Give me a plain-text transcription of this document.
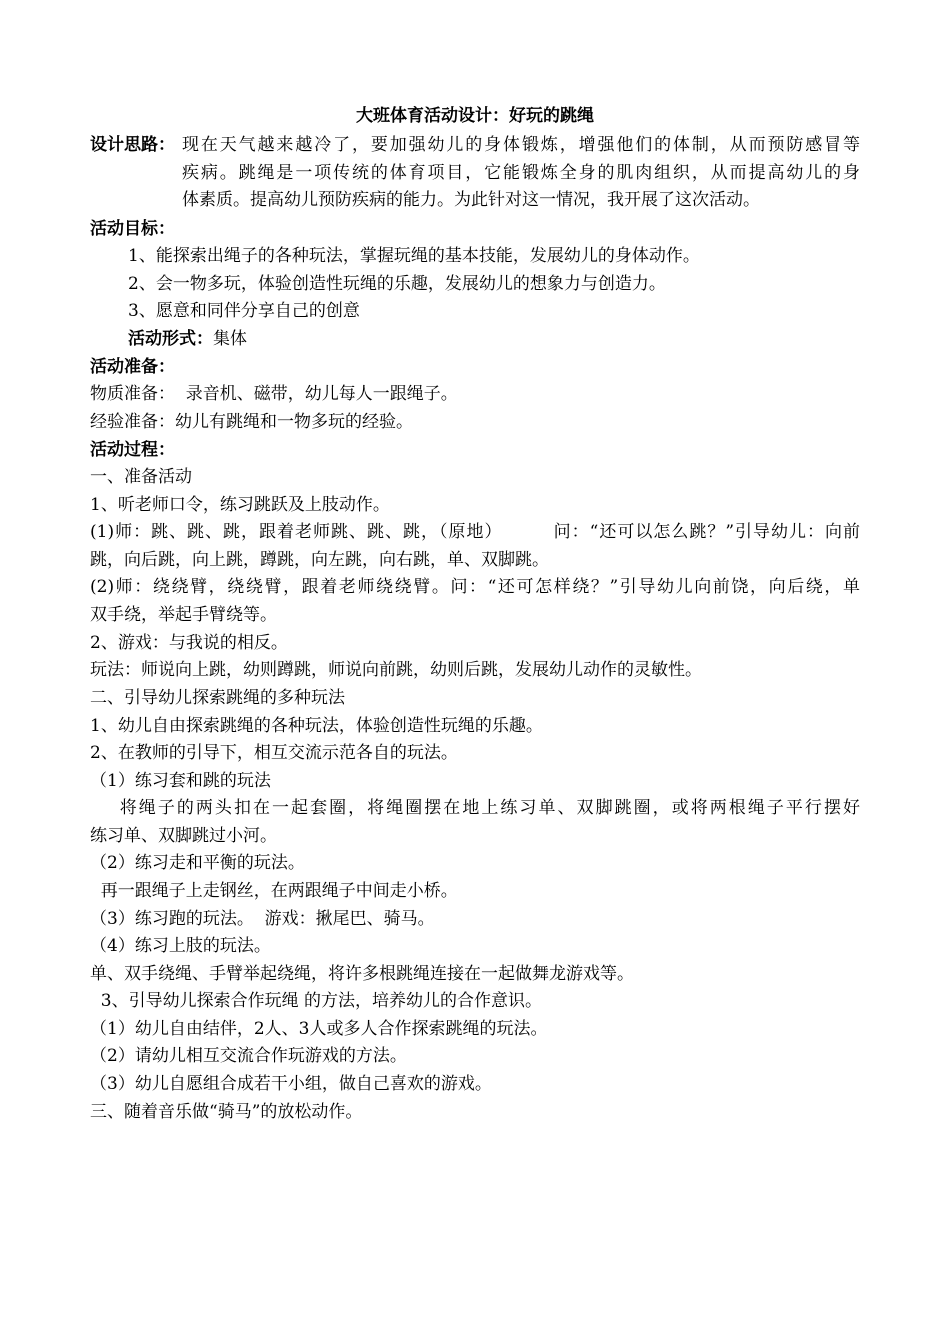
大班体育活动设计：好玩的跳绳
设计思路： 现在天气越来越冷了，要加强幼儿的身体锻炼，增强他们的体制，从而预防感冒等
疾病。跳绳是一项传统的体育项目，它能锻炼全身的肌肉组织，从而提高幼儿的身
体素质。提高幼儿预防疾病的能力。为此针对这一情况，我开展了这次活动。
活动目标：
1、能探索出绳子的各种玩法，掌握玩绳的基本技能，发展幼儿的身体动作。
2、会一物多玩，体验创造性玩绳的乐趣，发展幼儿的想象力与创造力。
3、愿意和同伴分享自己的创意
活动形式：集体
活动准备：
物质准备：  录音机、磁带，幼儿每人一跟绳子。
经验准备：幼儿有跳绳和一物多玩的经验。
活动过程：
一、准备活动
1、听老师口令，练习跳跃及上肢动作。
(1)师：跳、跳、跳，跟着老师跳、跳、跳，（原地）        问：“还可以怎么跳？”引导幼儿：向前
跳，向后跳，向上跳，蹲跳，向左跳，向右跳，单、双脚跳。
(2)师：绕绕臂，绕绕臂，跟着老师绕绕臂。问：“还可怎样绕？”引导幼儿向前饶，向后绕，单
双手绕，举起手臂绕等。
2、游戏：与我说的相反。
玩法：师说向上跳，幼则蹲跳，师说向前跳，幼则后跳，发展幼儿动作的灵敏性。
二、引导幼儿探索跳绳的多种玩法
1、幼儿自由探索跳绳的各种玩法，体验创造性玩绳的乐趣。
2、在教师的引导下，相互交流示范各自的玩法。
（1）练习套和跳的玩法
将绳子的两头扣在一起套圈，将绳圈摆在地上练习单、双脚跳圈，或将两根绳子平行摆好
练习单、双脚跳过小河。
（2）练习走和平衡的玩法。
再一跟绳子上走钢丝，在两跟绳子中间走小桥。
（3）练习跑的玩法。  游戏：揪尾巴、骑马。
（4）练习上肢的玩法。
单、双手绕绳、手臂举起绕绳，将许多根跳绳连接在一起做舞龙游戏等。
3、引导幼儿探索合作玩绳 的方法，培养幼儿的合作意识。
（1）幼儿自由结伴，2人、3人或多人合作探索跳绳的玩法。
（2）请幼儿相互交流合作玩游戏的方法。
（3）幼儿自愿组合成若干小组，做自己喜欢的游戏。
三、随着音乐做“骑马”的放松动作。
